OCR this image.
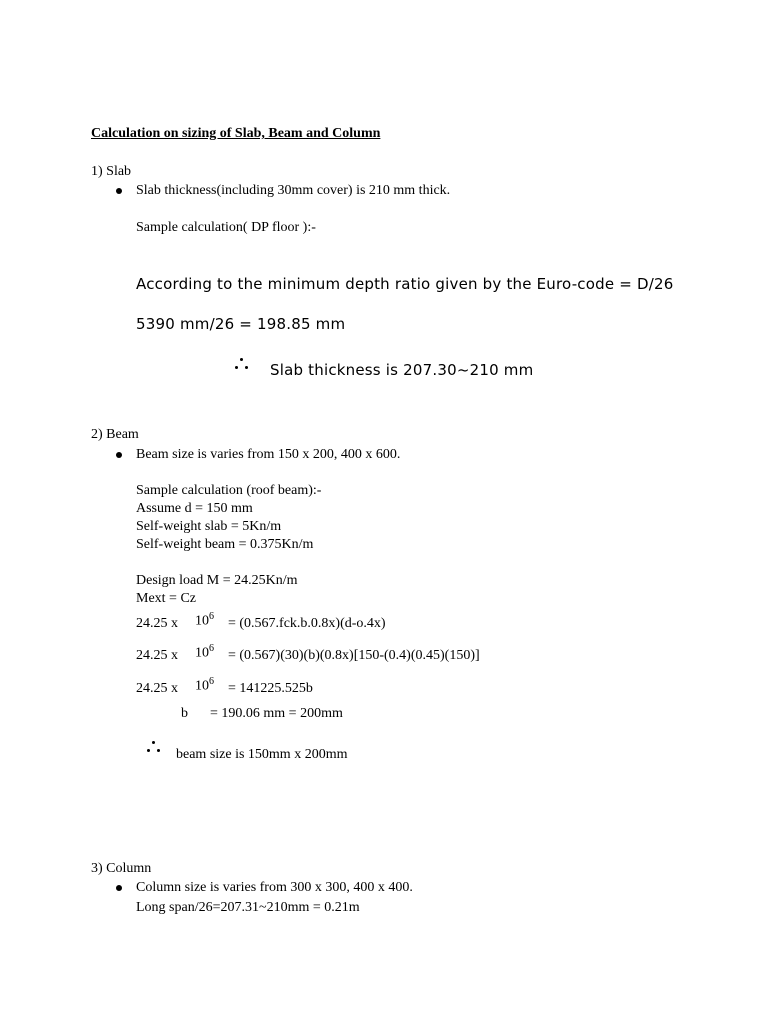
Calculation on sizing of Slab, Beam and Column
1) Slab
Slab thickness(including 30mm cover) is 210 mm thick.
Sample calculation( DP floor ):-
According to the minimum depth ratio given by the Euro-code = D/26
5390 mm/26 = 198.85 mm
Slab thickness is 207.30~210 mm
2) Beam
Beam size is varies from 150 x 200, 400 x 600.
Sample calculation (roof beam):-
Assume d = 150 mm
Self-weight slab = 5Kn/m
Self-weight beam = 0.375Kn/m
Design load M = 24.25Kn/m
Mext = Cz
24.25 x $10^6 = (0.567.fck.b.0.8x)(d-o.4x)$
24.25 x $10^6 = (0.567)(30)(b)(0.8x)[150-(0.4)(0.45)(150)]$
24.25 x $10^6 = 141225.525b$
b = 190.06 mm = 200mm
beam size is 150mm x 200mm
3) Column
Column size is varies from 300 x 300, 400 x 400.
Long span/26=207.31~210mm = 0.21m
